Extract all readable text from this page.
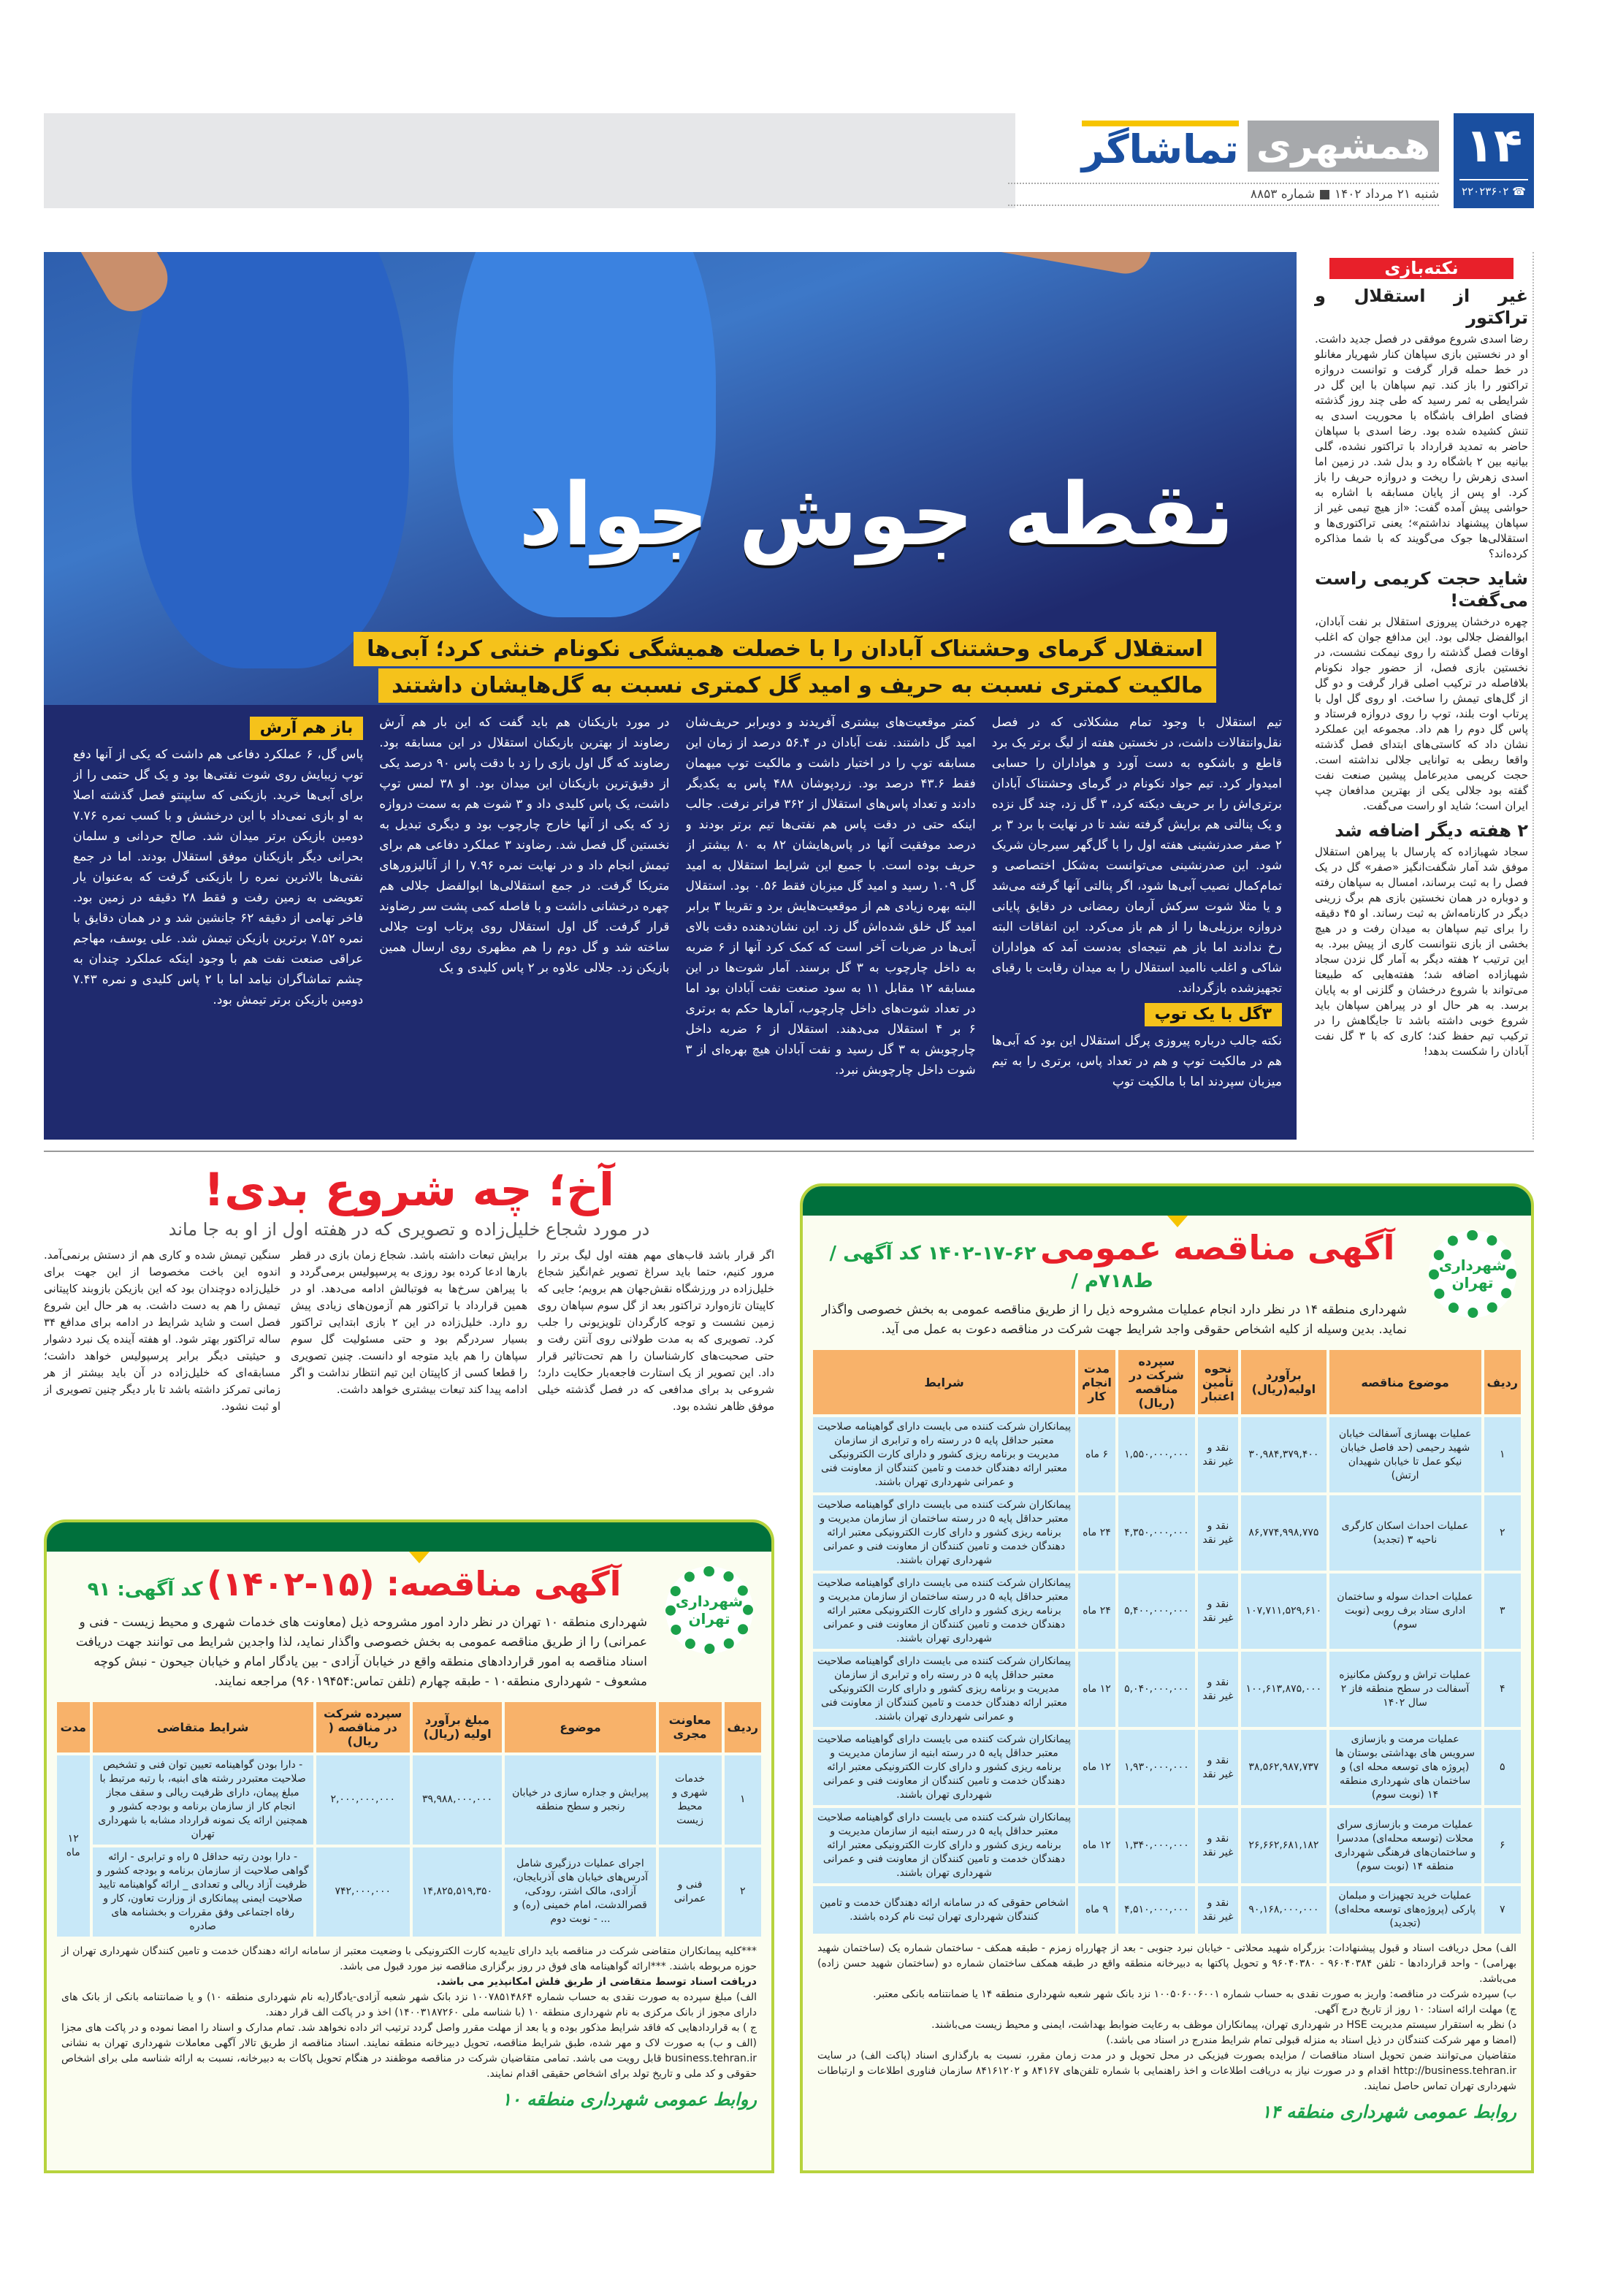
۱۴
☎ ۲۲۰۲۳۶۰۲
همشهری
تماشاگر
شنبه ۲۱ مرداد ۱۴۰۲ ■ شماره ۸۸۵۳
نقطه جوش جواد
استقلال گرمای وحشتناک آبادان را با خصلت همیشگی نکونام خنثی کرد؛ آبی‌ها
مالکیت کمتری نسبت به حریف و امید گل کمتری نسبت به گل‌هایشان داشتند

تیم استقلال با وجود تمام مشکلاتی که در فصل نقل‌وانتقالات داشت، در نخستین هفته از لیگ برتر یک برد قاطع و باشکوه به دست آورد و هواداران را حسابی امیدوار کرد. تیم جواد نکونام در گرمای وحشتناک آبادان برتری‌اش را بر حریف دیکته کرد، ۳ گل زد، چند گل نزده و یک پنالتی هم برایش گرفته نشد تا در نهایت با برد ۳ بر ۲ صفر صدرنشینی هفته اول را با گل‌گهر سیرجان شریک شود. این صدرنشینی می‌توانست به‌شکل اختصاصی و تمام‌کمال نصیب آبی‌ها شود، اگر پنالتی آنها گرفته می‌شد و یا مثلا شوت سرکش آرمان رمضانی در دقایق پایانی دروازه برزیلی‌ها را از هم باز می‌کرد. این اتفاقات البته رخ ندادند اما باز هم نتیجه‌ای به‌دست آمد که هواداران شاکی و اغلب ناامید استقلال را به میدان رقابت با رقبای تجهیزشده بازگرداند.

۳گل با یک توپ

نکته جالب درباره پیروزی پرگل استقلال این بود که آبی‌ها هم در مالکیت توپ و هم در تعداد پاس، برتری را به تیم میزبان سپردند اما با مالکیت توپ

کمتر موقعیت‌های بیشتری آفریدند و دوبرابر حریف‌شان امید گل داشتند. نفت آبادان در ۵۶.۴ درصد از زمان این مسابقه توپ را در اختیار داشت و مالکیت توپ میهمان فقط ۴۳.۶ درصد بود. زردپوشان ۴۸۸ پاس به یکدیگر دادند و تعداد پاس‌های استقلال از ۳۶۲ فراتر نرفت. جالب اینکه حتی در دقت پاس هم نفتی‌ها تیم برتر بودند و درصد موفقیت آنها در پاس‌هایشان ۸۲ به ۸۰ بیشتر از حریف بوده است. با جمیع این شرایط استقلال به امید گل ۱.۰۹ رسید و امید گل میزبان فقط ۰.۵۶ بود. استقلال البته بهره زیادی هم از موقعیت‌هایش برد و تقریبا ۳ برابر امید گل خلق شده‌اش گل زد. این نشان‌دهنده دقت بالای آبی‌ها در ضربات آخر است که کمک کرد آنها از ۶ ضربه به داخل چارچوب به ۳ گل برسند. آمار شوت‌ها در این مسابقه ۱۲ مقابل ۱۱ به سود صنعت نفت آبادان بود اما در تعداد شوت‌های داخل چارچوب، آمارها حکم به برتری ۶ بر ۴ استقلال می‌دهند. استقلال از ۶ ضربه داخل چارچوبش به ۳ گل رسید و نفت آبادان هیچ بهره‌ای از ۳ شوت داخل چارچوبش نبرد.
در مورد بازیکنان هم باید گفت که این بار هم آرش رضاوند از بهترین بازیکنان استقلال در این مسابقه بود. رضاوند که گل اول بازی را زد با دقت پاس ۹۰ درصد یکی از دقیق‌ترین بازیکنان این میدان بود. او ۳۸ لمس توپ داشت، یک پاس کلیدی داد و ۳ شوت هم به سمت دروازه زد که یکی از آنها خارج چارچوب بود و دیگری تبدیل به نخستین گل فصل شد. رضاوند ۳ عملکرد دفاعی هم برای تیمش انجام داد و در نهایت نمره ۷.۹۶ را از آنالیزورهای متریکا گرفت. در جمع استقلالی‌ها ابوالفضل جلالی هم چهره درخشانی داشت و با فاصله کمی پشت سر رضاوند قرار گرفت. گل اول استقلال روی پرتاب اوت جلالی ساخته شد و گل دوم را هم مظهری روی ارسال همین بازیکن زد. جلالی علاوه بر ۲ پاس کلیدی و یک
باز هم آرش

پاس گل، ۶ عملکرد دفاعی هم داشت که یکی از آنها دفع توپ زیبایش روی شوت نفتی‌ها بود و یک گل حتمی را از برای آبی‌ها خرید. بازیکنی که سایپنتو فصل گذشته اصلا به او بازی نمی‌داد با این درخشش و با کسب نمره ۷.۷۶ دومین بازیکن برتر میدان شد. صالح حردانی و سلمان بحرانی دیگر بازیکنان موفق استقلال بودند. اما در جمع نفتی‌ها بالاترین نمره را بازیکنی گرفت که به‌عنوان یار تعویضی به زمین رفت و فقط ۲۸ دقیقه در زمین بود. فاخر تهامی از دقیقه ۶۲ جانشین شد و در همان دقایق با نمره ۷.۵۲ برترین بازیکن تیمش شد. علی یوسف، مهاجم عراقی صنعت نفت هم با وجود اینکه عملکرد چندان به چشم تماشاگران نیامد اما با ۲ پاس کلیدی و نمره ۷.۴۳ دومین بازیکن برتر تیمش بود.

نکته‌بازی
غیر از استقلال و تراکتور

رضا اسدی شروع موفقی در فصل جدید داشت. او در نخستین بازی سپاهان کنار شهریار مغانلو در خط حمله قرار گرفت و توانست دروازه تراکتور را باز کند. تیم سپاهان با این گل در شرایطی به ثمر رسید که طی چند روز گذشته فضای اطراف باشگاه با محوریت اسدی به تنش کشیده شده بود. رضا اسدی با سپاهان حاضر به تمدید قرارداد با تراکتور نشده، گلی بیانیه بین ۲ باشگاه رد و بدل شد. در زمین اما اسدی زهرش را ریخت و دروازه حریف را باز کرد. او پس از پایان مسابقه با اشاره به حواشی پیش آمده گفت: «از هیچ تیمی غیر از سپاهان پیشنهاد نداشتم»؛ یعنی تراکتوری‌ها و استقلالی‌ها جوک می‌گویند که با شما مذاکره کرده‌اند؟

شاید حجت کریمی راست می‌گفت!

چهره درخشان پیروزی استقلال بر نفت آبادان، ابوالفضل جلالی بود. این مدافع جوان که اغلب اوقات فصل گذشته را روی نیمکت نشست، در نخستین بازی فصل، از حضور جواد نکونام بلافاصله در ترکیب اصلی قرار گرفت و دو گل از گل‌های تیمش را ساخت. او روی گل اول با پرتاب اوت بلند، توپ را روی دروازه فرستاد و پاس گل دوم را هم داد. مجموعه این عملکرد نشان داد که کاستی‌های ابتدای فصل گذشته واقعا ربطی به توانایی جلالی نداشته است. حجت کریمی مدیرعامل پیشین صنعت نفت گفته بود جلالی یکی از بهترین مدافعان چپ ایران است؛ شاید او راست می‌گفت.

۲ هفته دیگر اضافه شد

سجاد شهبازاده که پارسال با پیراهن استقلال موفق شد آمار شگفت‌انگیز «صفر» گل در یک فصل را به ثبت برساند، امسال به سپاهان رفته و دوباره در همان نخستین بازی هم برگ زرینی دیگر در کارنامه‌اش به ثبت رساند. او ۴۵ دقیقه را برای تیم سپاهان به میدان رفت و در هیچ بخشی از بازی نتوانست کاری از پیش ببرد. به این ترتیب ۲ هفته دیگر به آمار گل نزدن سجاد شهبازاده اضافه شد؛ هفته‌هایی که طبیعتا می‌تواند با شروع درخشان و گلزنی او به پایان برسد. به هر حال او در پیراهن سپاهان باید شروع خوبی داشته باشد تا جایگاهش را در ترکیب تیم حفظ کند؛ کاری که با ۳ گل نفت آبادان را شکست بدهد!

آخ؛ چه شروع بدی!
در مورد شجاع خلیل‌زاده و تصویری که در هفته اول از او به جا ماند
اگر قرار باشد قاب‌های مهم هفته اول لیگ برتر را مرور کنیم، حتما باید سراغ تصویر غم‌انگیز شجاع خلیل‌زاده در ورزشگاه نقش‌جهان هم برویم؛ جایی که کاپیتان تازه‌وارد تراکتور بعد از گل سوم سپاهان روی زمین نشست و توجه کارگردان تلویزیونی را جلب کرد. تصویری که به مدت طولانی روی آنتن رفت و حتی صحبت‌های کارشناسان را هم تحت‌تاثیر قرار داد. این تصویر از یک استارت فاجعه‌بار حکایت دارد؛ شروعی بد برای مدافعی که در فصل گذشته خیلی موفق ظاهر نشده بود.
برایش تبعات داشته باشد. شجاع زمان بازی در قطر بارها ادعا کرده بود روزی به پرسپولیس برمی‌گردد و با پیراهن سرخ‌ها به فوتبالش ادامه می‌دهد. او در همین قرارداد با تراکتور هم آزمون‌های زیادی پیش رو دارد. خلیل‌زاده در این ۲ بازی ابتدایی تراکتور بسیار سردرگم بود و حتی مسئولیت گل سوم سپاهان را هم باید متوجه او دانست. چنین تصویری را قطعا کسی از کاپیتان این تیم انتظار نداشت و اگر ادامه پیدا کند تبعات بیشتری خواهد داشت.
سنگین تیمش شده و کاری هم از دستش برنمی‌آمد. اندوه این باخت مخصوصا از این جهت برای خلیل‌زاده دوچندان بود که این بازیکن بازوبند کاپیتانی تیمش را هم به دست داشت. به هر حال این شروع فصل است و شاید شرایط در ادامه برای مدافع ۳۴ ساله تراکتور بهتر شود. او هفته آینده یک نبرد دشوار و حیثیتی دیگر برابر پرسپولیس خواهد داشت؛ مسابقه‌ای که خلیل‌زاده در آن باید بیشتر از هر زمانی تمرکز داشته باشد تا بار دیگر چنین تصویری از او ثبت نشود.
شهرداری تهران
آگهی مناقصه: (۱۵-۱۴۰۲) کد آگهی: ۹۱
شهرداری منطقه ۱۰ تهران در نظر دارد امور مشروحه ذیل (معاونت های خدمات شهری و محیط زیست - فنی و عمرانی) را از طریق مناقصه عمومی به بخش خصوصی واگذار نماید، لذا واجدین شرایط می توانند جهت دریافت اسناد مناقصه به امور قراردادهای منطقه واقع در خیابان آزادی - بین یادگار امام و خیابان جیحون - نبش کوچه مشعوف - شهرداری منطقه۱۰ - طبقه چهارم (تلفن تماس:۹۶۰۱۹۴۵۴) مراجعه نمایند.
ردیف	معاونت مجری	موضوع	مبلغ برآورد اولیه (ریال)	سپرده شرکت در مناقصه ( ریال)	شرایط متقاضی	مدت
۱	خدمات شهری و محیط زیست	پیرایش و جداره سازی در خیابان رنجبر و سطح منطقه	۳۹,۹۸۸,۰۰۰,۰۰۰	۲,۰۰۰,۰۰۰,۰۰۰	- دارا بودن گواهینامه تعیین توان فنی و تشخیص صلاحیت معتبردر رشته های ابنیه، با رتبه مرتبط با مبلغ پیمان، دارای ظرفیت ریالی و سقف مجاز انجام کار از سازمان برنامه و بودجه کشور و همچنین ارائه یک نمونه قرارداد مشابه با شهرداری تهران	۱۲ ماه
۲	فنی و عمرانی	اجرای عملیات درزگیری شامل آدرس‌های خیابان های آذربایجان، آزادی، مالک اشتر، رودکی، قصرالدشت، امام خمینی (ره) و ... - نوبت دوم	۱۴,۸۲۵,۵۱۹,۳۵۰	۷۴۲,۰۰۰,۰۰۰	- دارا بودن رتبه حداقل ۵ راه و ترابری - ارائه گواهی صلاحیت از سازمان برنامه و بودجه کشور و ظرفیت آزاد ریالی و تعدادی _ ارائه گواهینامه تایید صلاحیت ایمنی پیمانکاری از وزارت تعاون، کار و رفاه اجتماعی وفق مقررات و بخشنامه های صادره	

***کلیه پیمانکاران متقاضی شرکت در مناقصه باید دارای تاییدیه کارت الکترونیکی با وضعیت معتبر از سامانه ارائه دهندگان خدمت و تامین کنندگان شهرداری تهران از حوزه مربوطه باشند. ***ارائه گواهینامه های فوق در روز برگزاری مناقصه نیز مورد قبول می باشد.

دریافت اسناد توسط متقاضی از طریق فلش امکانپذیر می باشد.

الف) مبلغ سپرده به صورت نقدی به حساب شماره ۱۰۰۷۸۵۱۴۸۶۴ نزد بانک شهر شعبه آزادی-یادگار(به نام شهرداری منطقه ۱۰) و یا ضمانتنامه بانکی از بانک های دارای مجوز از بانک مرکزی به نام شهرداری منطقه ۱۰ (با شناسه ملی ۱۴۰۰۳۱۸۷۲۶۰) اخذ و در پاکت الف قرار دهند.

ج ) به قراردادهایی که فاقد شرایط مذکور بوده و یا بعد از مهلت مقرر واصل گردد ترتیب اثر داده نخواهد شد. تمام مدارک و اسناد را امضا نموده و در پاکت های مجزا (الف و ب) به صورت لاک و مهر شده، طبق شرایط مناقصه، تحویل دبیرخانه منطقه نمایند. اسناد مناقصه از طریق تالار آگهی معاملات شهرداری تهران به نشانی business.tehran.ir قابل رویت می باشد. تمامی متقاضیان شرکت در مناقصه موظفند در هنگام تحویل پاکات به دبیرخانه، نسبت به ارائه شناسه ملی برای اشخاص حقوقی و کد ملی و تاریخ تولد برای اشخاص حقیقی اقدام نمایند.

روابط عمومی شهرداری منطقه ۱۰
شهرداری تهران
آگهی مناقصه عمومی ۶۲-۱۷-۱۴۰۲ کد آگهی / ط۷۱۸م /
شهرداری منطقه ۱۴ در نظر دارد انجام عملیات مشروحه ذیل را از طریق مناقصه عمومی به بخش خصوصی واگذار نماید. بدین وسیله از کلیه اشخاص حقوقی واجد شرایط جهت شرکت در مناقصه دعوت به عمل می آید.
ردیف	موضوع مناقصه	برآورد اولیه(ریال)	نحوه تأمین اعتبار	سپرده شرکت در مناقصه (ریال)	مدت انجام کار	شرایط
۱	عملیات بهسازی آسفالت خیابان شهید رحیمی (حد فاصل خیابان نیکو عمل تا خیابان شهیدان ارتش)	۳۰,۹۸۴,۳۷۹,۴۰۰	نقد و غیر نقد	۱,۵۵۰,۰۰۰,۰۰۰	۶ ماه	پیمانکاران شرکت کننده می بایست دارای گواهینامه صلاحیت معتبر حداقل پایه ۵ در رسته راه و ترابری از سازمان مدیریت و برنامه ریزی کشور و دارای کارت الکترونیکی معتبر ارائه دهندگان خدمت و تامین کنندگان از معاونت فنی و عمرانی شهرداری تهران باشند.
۲	عملیات احداث اسکان کارگری ناحیه ۳ (تجدید)	۸۶,۷۷۴,۹۹۸,۷۷۵	نقد و غیر نقد	۴,۳۵۰,۰۰۰,۰۰۰	۲۴ ماه	پیمانکاران شرکت کننده می بایست دارای گواهینامه صلاحیت معتبر حداقل پایه ۵ در رسته ساختمان از سازمان مدیریت و برنامه ریزی کشور و دارای کارت الکترونیکی معتبر ارائه دهندگان خدمت و تامین کنندگان از معاونت فنی و عمرانی شهرداری تهران باشند.
۳	عملیات احداث سوله و ساختمان اداری ستاد برف روبی (نوبت سوم)	۱۰۷,۷۱۱,۵۲۹,۶۱۰	نقد و غیر نقد	۵,۴۰۰,۰۰۰,۰۰۰	۲۴ ماه	پیمانکاران شرکت کننده می بایست دارای گواهینامه صلاحیت معتبر حداقل پایه ۵ در رسته ساختمان از سازمان مدیریت و برنامه ریزی کشور و دارای کارت الکترونیکی معتبر ارائه دهندگان خدمت و تامین کنندگان از معاونت فنی و عمرانی شهرداری تهران باشند.
۴	عملیات تراش و روکش مکانیزه آسفالت در سطح منطقه فاز ۲ سال ۱۴۰۲	۱۰۰,۶۱۳,۸۷۵,۰۰۰	نقد و غیر نقد	۵,۰۴۰,۰۰۰,۰۰۰	۱۲ ماه	پیمانکاران شرکت کننده می بایست دارای گواهینامه صلاحیت معتبر حداقل پایه ۵ در رسته راه و ترابری از سازمان مدیریت و برنامه ریزی کشور و دارای کارت الکترونیکی معتبر ارائه دهندگان خدمت و تامین کنندگان از معاونت فنی و عمرانی شهرداری تهران باشند.
۵	عملیات مرمت و بازسازی سرویس های بهداشتی بوستان ها (پروژه های توسعه محله ای) و ساختمان های شهرداری منطقه ۱۴ (نوبت سوم)	۳۸,۵۶۲,۹۸۷,۷۳۷	نقد و غیر نقد	۱,۹۳۰,۰۰۰,۰۰۰	۱۲ ماه	پیمانکاران شرکت کننده می بایست دارای گواهینامه صلاحیت معتبر حداقل پایه ۵ در رسته ابنیه از سازمان مدیریت و برنامه ریزی کشور و دارای کارت الکترونیکی معتبر ارائه دهندگان خدمت و تامین کنندگان از معاونت فنی و عمرانی شهرداری تهران باشند.
۶	عملیات مرمت و بازسازی سرای محلات (توسعه محله‌ای) مددسرا و ساختمان‌های فرهنگی شهرداری منطقه ۱۴ (نوبت سوم)	۲۶,۶۶۲,۶۸۱,۱۸۲	نقد و غیر نقد	۱,۳۴۰,۰۰۰,۰۰۰	۱۲ ماه	پیمانکاران شرکت کننده می بایست دارای گواهینامه صلاحیت معتبر حداقل پایه ۵ در رسته ابنیه از سازمان مدیریت و برنامه ریزی کشور و دارای کارت الکترونیکی معتبر ارائه دهندگان خدمت و تامین کنندگان از معاونت فنی و عمرانی شهرداری تهران باشند.
۷	عملیات خرید تجهیزات و مبلمان پارکی (پروژه‌های توسعه محله‌ای) (تجدید)	۹۰,۱۶۸,۰۰۰,۰۰۰	نقد و غیر نقد	۴,۵۱۰,۰۰۰,۰۰۰	۹ ماه	اشخاص حقوقی که در سامانه ارائه دهندگان خدمت و تامین کنندگان شهرداری تهران ثبت نام کرده باشند.

الف) محل دریافت اسناد و قبول پیشنهادات: بزرگراه شهید محلاتی - خیابان نبرد جنوبی - بعد از چهارراه زمزم - طبقه همکف - ساختمان شماره یک (ساختمان شهید بهرامی) - واحد قراردادها - تلفن ۹۶۰۴۰۳۸۴ - ۹۶۰۴۰۳۸۰ و تحویل پاکتها به دبیرخانه منطقه واقع در طبقه همکف ساختمان شماره دو (ساختمان شهید حسن زاده) می‌باشد.

ب) سپرده شرکت در مناقصه: واریز به صورت نقدی به حساب شماره ۱۰۰۵۰۶۰۰۶۰۰۱ نزد بانک شهر شعبه شهرداری منطقه ۱۴ یا ضمانتنامه بانکی معتبر.

ج) مهلت ارائه اسناد: ۱۰ روز از تاریخ درج آگهی.

د) نظر به استقرار سیستم مدیریت HSE در شهرداری تهران، پیمانکاران موظف به رعایت ضوابط بهداشت، ایمنی و محیط زیست می‌باشند.

(امضا و مهر شرکت کنندگان در ذیل اسناد به منزله قبولی تمام شرایط مندرج در اسناد می باشد.)

متقاضیان می‌توانند ضمن تحویل اسناد مناقصات / مزایده بصورت فیزیکی در محل تحویل و در مدت زمان مقرر، نسبت به بارگذاری اسناد (پاکت الف) در سایت http://business.tehran.ir اقدام و در صورت نیاز به دریافت اطلاعات و اخذ راهنمایی با شماره تلفن‌های ۸۴۱۶۷ و ۸۴۱۶۱۲۰۲ سازمان فناوری اطلاعات و ارتباطات شهرداری تهران تماس حاصل نمایند.

روابط عمومی شهرداری منطقه ۱۴
